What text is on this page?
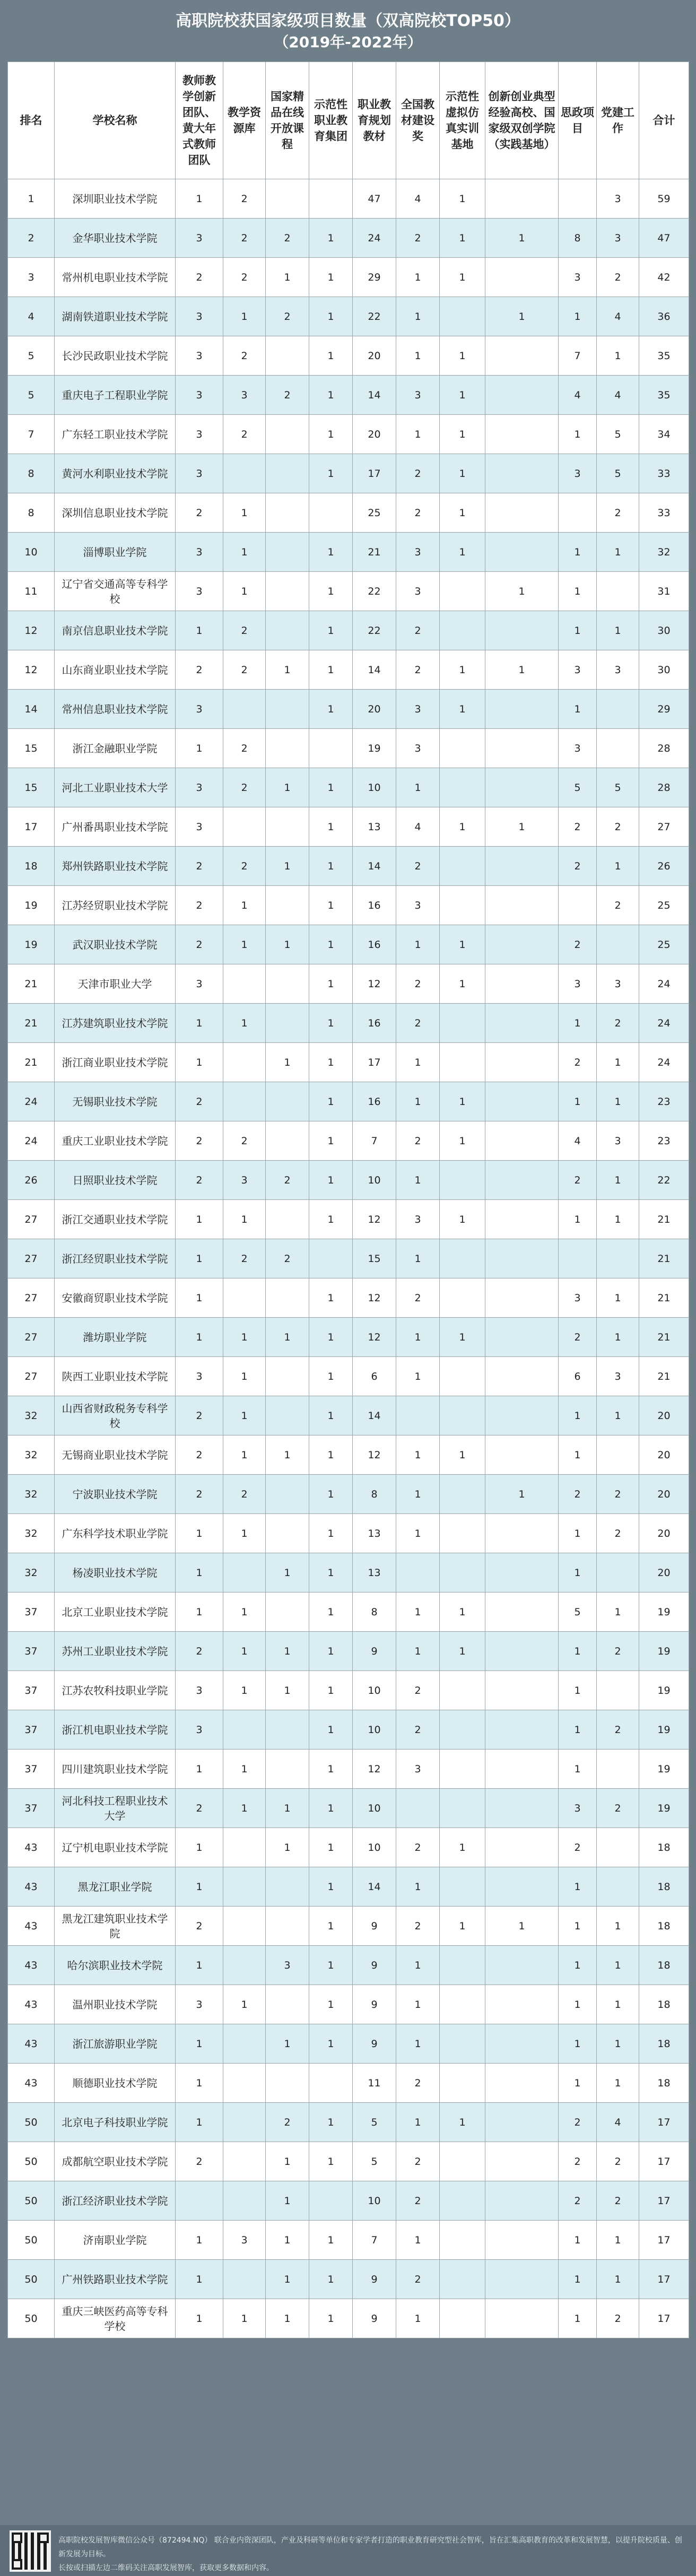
高职院校获国家级项目数量（双高院校TOP50）
（2019年-2022年）
排名	学校名称	教师教学创新团队、黄大年式教师团队	教学资源库	国家精品在线开放课程	示范性职业教育集团	职业教育规划教材	全国教材建设奖	示范性虚拟仿真实训基地	创新创业典型经验高校、国家级双创学院（实践基地）	思政项目	党建工作	合计
1	深圳职业技术学院	1	2			47	4	1			3	59
2	金华职业技术学院	3	2	2	1	24	2	1	1	8	3	47
3	常州机电职业技术学院	2	2	1	1	29	1	1		3	2	42
4	湖南铁道职业技术学院	3	1	2	1	22	1		1	1	4	36
5	长沙民政职业技术学院	3	2		1	20	1	1		7	1	35
5	重庆电子工程职业学院	3	3	2	1	14	3	1		4	4	35
7	广东轻工职业技术学院	3	2		1	20	1	1		1	5	34
8	黄河水利职业技术学院	3			1	17	2	1		3	5	33
8	深圳信息职业技术学院	2	1			25	2	1			2	33
10	淄博职业学院	3	1		1	21	3	1		1	1	32
11	辽宁省交通高等专科学校	3	1		1	22	3		1	1		31
12	南京信息职业技术学院	1	2		1	22	2			1	1	30
12	山东商业职业技术学院	2	2	1	1	14	2	1	1	3	3	30
14	常州信息职业技术学院	3			1	20	3	1		1		29
15	浙江金融职业学院	1	2			19	3			3		28
15	河北工业职业技术大学	3	2	1	1	10	1			5	5	28
17	广州番禺职业技术学院	3			1	13	4	1	1	2	2	27
18	郑州铁路职业技术学院	2	2	1	1	14	2			2	1	26
19	江苏经贸职业技术学院	2	1		1	16	3				2	25
19	武汉职业技术学院	2	1	1	1	16	1	1		2		25
21	天津市职业大学	3			1	12	2	1		3	3	24
21	江苏建筑职业技术学院	1	1		1	16	2			1	2	24
21	浙江商业职业技术学院	1		1	1	17	1			2	1	24
24	无锡职业技术学院	2			1	16	1	1		1	1	23
24	重庆工业职业技术学院	2	2		1	7	2	1		4	3	23
26	日照职业技术学院	2	3	2	1	10	1			2	1	22
27	浙江交通职业技术学院	1	1		1	12	3	1		1	1	21
27	浙江经贸职业技术学院	1	2	2		15	1					21
27	安徽商贸职业技术学院	1			1	12	2			3	1	21
27	潍坊职业学院	1	1	1	1	12	1	1		2	1	21
27	陕西工业职业技术学院	3	1		1	6	1			6	3	21
32	山西省财政税务专科学校	2	1		1	14				1	1	20
32	无锡商业职业技术学院	2	1	1	1	12	1	1		1		20
32	宁波职业技术学院	2	2		1	8	1		1	2	2	20
32	广东科学技术职业学院	1	1		1	13	1			1	2	20
32	杨凌职业技术学院	1		1	1	13				1		20
37	北京工业职业技术学院	1	1		1	8	1	1		5	1	19
37	苏州工业职业技术学院	2	1	1	1	9	1	1		1	2	19
37	江苏农牧科技职业学院	3	1	1	1	10	2			1		19
37	浙江机电职业技术学院	3			1	10	2			1	2	19
37	四川建筑职业技术学院	1	1		1	12	3			1		19
37	河北科技工程职业技术大学	2	1	1	1	10				3	2	19
43	辽宁机电职业技术学院	1		1	1	10	2	1		2		18
43	黑龙江职业学院	1			1	14	1			1		18
43	黑龙江建筑职业技术学院	2			1	9	2	1	1	1	1	18
43	哈尔滨职业技术学院	1		3	1	9	1			1	1	18
43	温州职业技术学院	3	1		1	9	1			1	1	18
43	浙江旅游职业学院	1		1	1	9	1			1	1	18
43	顺德职业技术学院	1				11	2			1	1	18
50	北京电子科技职业学院	1		2	1	5	1	1		2	4	17
50	成都航空职业技术学院	2		1	1	5	2			2	2	17
50	浙江经济职业技术学院			1		10	2			2	2	17
50	济南职业学院	1	3	1	1	7	1			1	1	17
50	广州铁路职业技术学院	1		1	1	9	2			1	1	17
50	重庆三峡医药高等专科学校	1	1	1	1	9	1			1	2	17
高职院校发展智库微信公众号（872494.NQ） 联合业内资深团队，产业及科研等单位和专家学者打造的职业教育研究型社会智库，旨在汇集高职教育的改革和发展智慧，以提升院校质量、创新发展为目标。
长按或扫描左边二维码关注高职发展智库，获取更多数据和内容。
